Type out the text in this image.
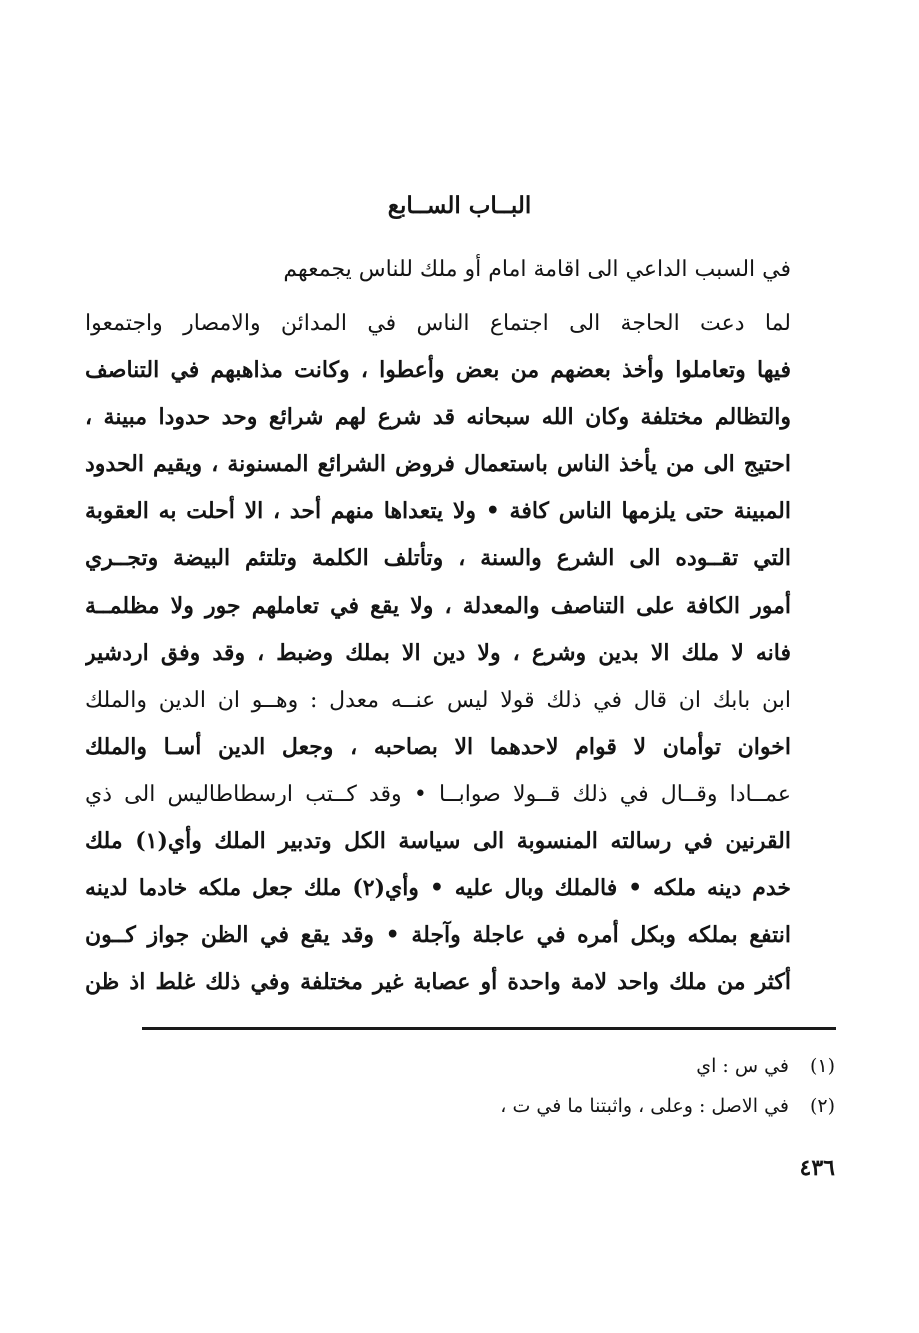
البــاب الســابع
في السبب الداعي الى اقامة امام أو ملك للناس يجمعهم
لما دعت الحاجة الى اجتماع الناس في المدائن والامصار واجتمعوا
فيها وتعاملوا وأخذ بعضهم من بعض وأعطوا ، وكانت مذاهبهم في التناصف
والتظالم مختلفة وكان الله سبحانه قد شرع لهم شرائع وحد حدودا مبينة ،
احتيج الى من يأخذ الناس باستعمال فروض الشرائع المسنونة ، ويقيم الحدود
المبينة حتى يلزمها الناس كافة • ولا يتعداها منهم أحد ، الا أحلت به العقوبة
التي تقــوده الى الشرع والسنة ، وتأتلف الكلمة وتلتئم البيضة وتجــري
أمور الكافة على التناصف والمعدلة ، ولا يقع في تعاملهم جور ولا مظلمــة
فانه لا ملك الا بدين وشرع ، ولا دين الا بملك وضبط ، وقد وفق اردشير
ابن بابك ان قال في ذلك قولا ليس عنــه معدل : وهــو ان الدين والملك
اخوان توأمان لا قوام لاحدهما الا بصاحبه ، وجعل الدين أسـا والملك
عمــادا وقــال في ذلك قــولا صوابــا • وقد كــتب ارسطاطاليس الى ذي
القرنين في رسالته المنسوبة الى سياسة الكل وتدبير الملك وأي(١) ملك
خدم دينه ملكه • فالملك وبال عليه • وأي(٢) ملك جعل ملكه خادما لدينه
انتفع بملكه وبكل أمره في عاجلة وآجلة • وقد يقع في الظن جواز كــون
أكثر من ملك واحد لامة واحدة أو عصابة غير مختلفة وفي ذلك غلط اذ ظن
(١)في س : اي
(٢)في الاصل : وعلى ، واثبتنا ما في ت ،
٤٣٦
